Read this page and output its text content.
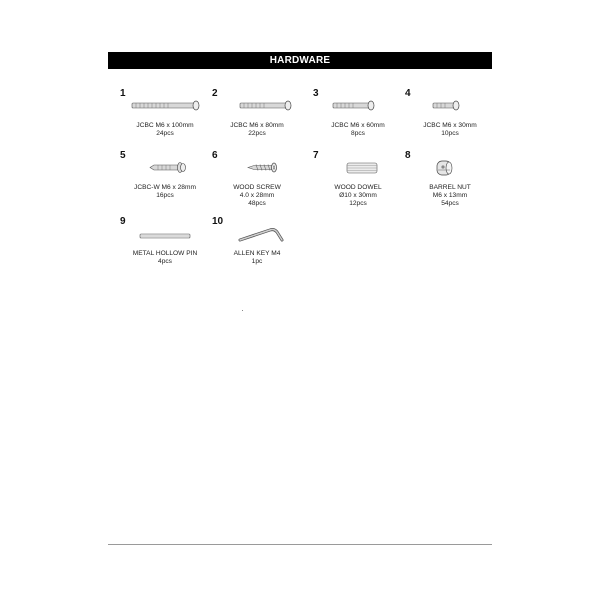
HARDWARE
1
JCBC M6 x 100mm
24pcs
2
JCBC M6 x 80mm
22pcs
3
JCBC M6 x 60mm
8pcs
4
JCBC M6 x 30mm
10pcs
5
JCBC-W M6 x 28mm
16pcs
6
WOOD SCREW
4.0 x 28mm
48pcs
7
WOOD DOWEL
Ø10 x 30mm
12pcs
8
BARREL NUT
M6 x 13mm
54pcs
9
METAL HOLLOW PIN
4pcs
10
ALLEN KEY M4
1pc
